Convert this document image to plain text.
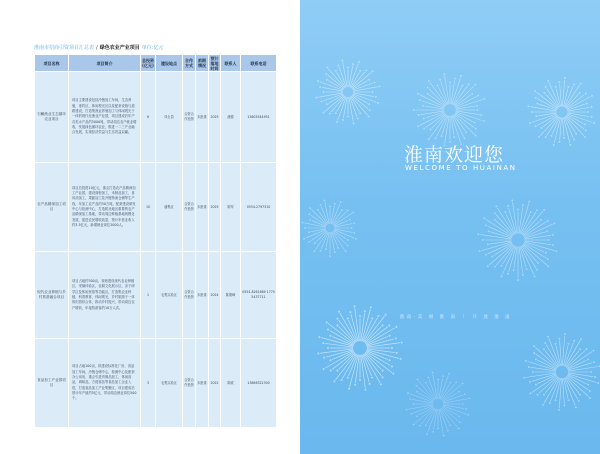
淮南市招商引资项目汇总表 / 绿色农业产业项目 单位:亿元
项目名称	项目简介	总投资(亿元)	建设地点	合作方式	前期情况	预计落地时间	联系人	联系电话
石鳜渔业生态循环农业项目	项目主要建设包括冷链加工车间，生态养殖，垂钓区，休闲观光区以及配套设施与道路建设，打造集渔业养殖加工与休闲观光于一体的现代化渔业产业园，项目建成后年产各类水产品约5000吨，带动周边农户就业增收，发展绿色循环农业，推进一二三产业融合发展，实现经济效益与生态效益双赢。	6	凤台县	合资合作独资	未批准	2025	潘德	13605544951
农产品精深加工项目	项目总投资10亿元，重点打造农产品精深加工产业园，建设面粉加工，米制品加工，食用油加工，果蔬加工及冷链物流仓储等生产线，年加工农产品约30万吨，配套建设研发中心与检测中心，打造皖北地区重要的农产品精深加工基地，带动周边种植基地规模化发展，促进农民增收致富，预计年营业收入约3.5亿元，新增就业岗位2000人。	10	潘集区	合资合作独资	未批准	2025	陈军	0554-2797310
现代农业种植与乡村旅游融合项目	项目占地约300亩，规划建设现代农业种植区，采摘体验区，农耕文化展示区，亲子研学区及休闲民宿等功能区，打造集农业种植，科普教育，休闲观光，乡村旅游于一体的田园综合体，推动乡村振兴，带动周边农户增收，年接待游客约10万人次。	1	毛集实验区	合资合作独资	未批准	2024	陈德峰	0554-8261669 17755437711
食品加工产业园项目	项目占地100亩，拟建设标准化厂房，食品加工车间，冷链仓储中心，检测中心及配套办公用房，重点引进肉制品加工，休闲食品，调味品，方便食品等食品加工企业入驻，打造食品加工产业集聚区，项目建成后预计年产值约5亿元，带动周边就业岗位500个。	3	毛集实验区	合资合作独资	未批准	2022	陈威	13866322300
淮南欢迎您
WELCOME TO HUAINAN
淮南·美 丽 淮 南 ｜ 开 放 淮 南
